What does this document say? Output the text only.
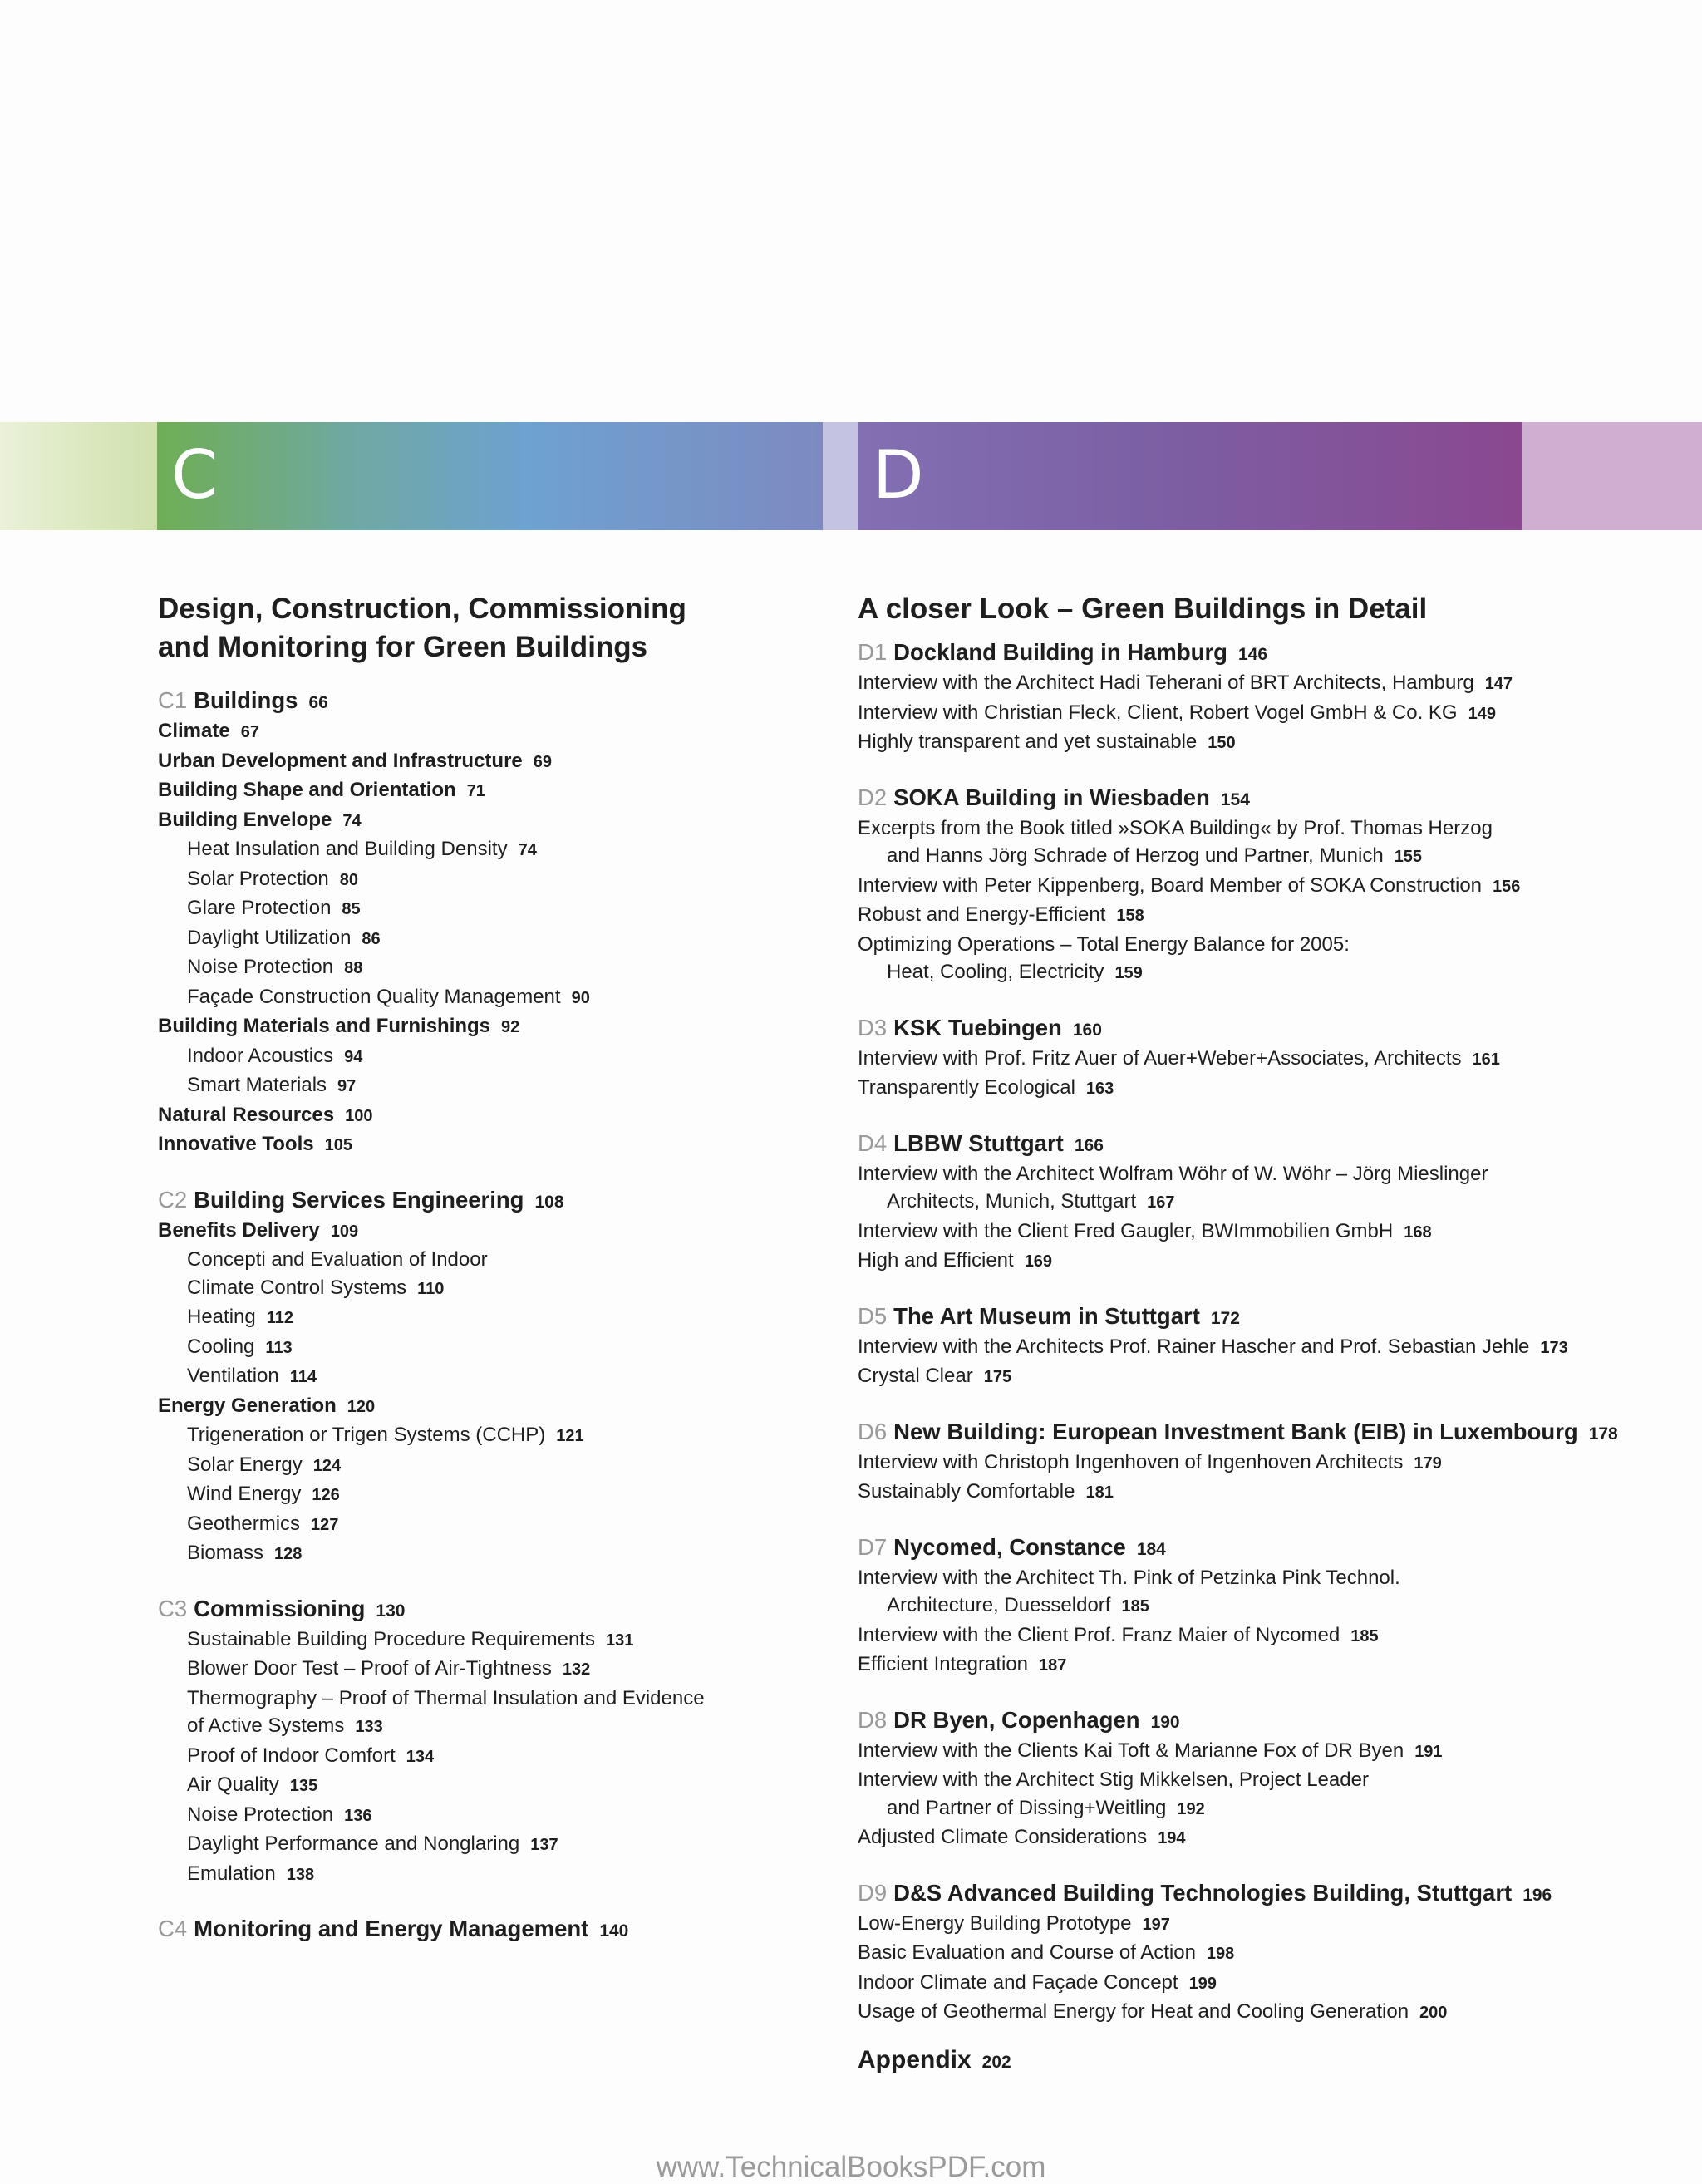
C	D
Design, Construction, Commissioning
and Monitoring for Green Buildings
C1 Buildings 66
Climate 67
Urban Development and Infrastructure 69
Building Shape and Orientation 71
Building Envelope 74
Heat Insulation and Building Density 74
Solar Protection 80
Glare Protection 85
Daylight Utilization 86
Noise Protection 88
Façade Construction Quality Management 90
Building Materials and Furnishings 92
Indoor Acoustics 94
Smart Materials 97
Natural Resources 100
Innovative Tools 105
C2 Building Services Engineering 108
Benefits Delivery 109
Concepti and Evaluation of Indoor
Climate Control Systems 110
Heating 112
Cooling 113
Ventilation 114
Energy Generation 120
Trigeneration or Trigen Systems (CCHP) 121
Solar Energy 124
Wind Energy 126
Geothermics 127
Biomass 128
C3 Commissioning 130
Sustainable Building Procedure Requirements 131
Blower Door Test – Proof of Air-Tightness 132
Thermography – Proof of Thermal Insulation and Evidence
of Active Systems 133
Proof of Indoor Comfort 134
Air Quality 135
Noise Protection 136
Daylight Performance and Nonglaring 137
Emulation 138
C4 Monitoring and Energy Management 140
A closer Look – Green Buildings in Detail
D1 Dockland Building in Hamburg 146
Interview with the Architect Hadi Teherani of BRT Architects, Hamburg 147
Interview with Christian Fleck, Client, Robert Vogel GmbH & Co. KG 149
Highly transparent and yet sustainable 150
D2 SOKA Building in Wiesbaden 154
Excerpts from the Book titled »SOKA Building« by Prof. Thomas Herzog
and Hanns Jörg Schrade of Herzog und Partner, Munich 155
Interview with Peter Kippenberg, Board Member of SOKA Construction 156
Robust and Energy-Efficient 158
Optimizing Operations – Total Energy Balance for 2005:
Heat, Cooling, Electricity 159
D3 KSK Tuebingen 160
Interview with Prof. Fritz Auer of Auer+Weber+Associates, Architects 161
Transparently Ecological 163
D4 LBBW Stuttgart 166
Interview with the Architect Wolfram Wöhr of W. Wöhr – Jörg Mieslinger
Architects, Munich, Stuttgart 167
Interview with the Client Fred Gaugler, BWImmobilien GmbH 168
High and Efficient 169
D5 The Art Museum in Stuttgart 172
Interview with the Architects Prof. Rainer Hascher and Prof. Sebastian Jehle 173
Crystal Clear 175
D6 New Building: European Investment Bank (EIB) in Luxembourg 178
Interview with Christoph Ingenhoven of Ingenhoven Architects 179
Sustainably Comfortable 181
D7 Nycomed, Constance 184
Interview with the Architect Th. Pink of Petzinka Pink Technol.
Architecture, Duesseldorf 185
Interview with the Client Prof. Franz Maier of Nycomed 185
Efficient Integration 187
D8 DR Byen, Copenhagen 190
Interview with the Clients Kai Toft & Marianne Fox of DR Byen 191
Interview with the Architect Stig Mikkelsen, Project Leader
and Partner of Dissing+Weitling 192
Adjusted Climate Considerations 194
D9 D&S Advanced Building Technologies Building, Stuttgart 196
Low-Energy Building Prototype 197
Basic Evaluation and Course of Action 198
Indoor Climate and Façade Concept 199
Usage of Geothermal Energy for Heat and Cooling Generation 200
Appendix 202
www.TechnicalBooksPDF.com
